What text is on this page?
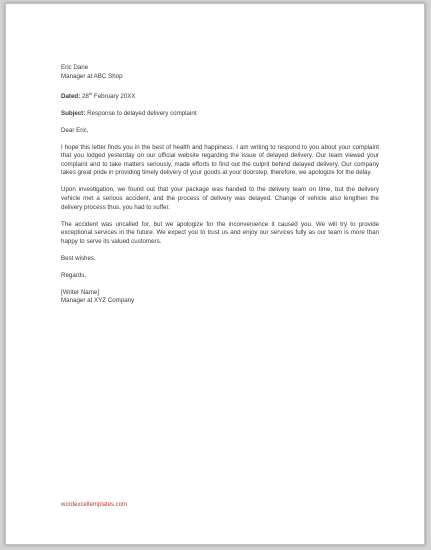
Eric Dane
Manager at ABC Shop

Dated: 28th February 20XX

Subject: Response to delayed delivery complaint

Dear Eric,

I hope this letter finds you in the best of health and happiness. I am writing to respond to you about your complaint that you lodged yesterday on our official website regarding the issue of delayed delivery. Our team viewed your complaint and to take matters seriously, made efforts to find out the culprit behind delayed delivery. Our company takes great pride in providing timely delivery of your goods at your doorstep, therefore, we apologize for the delay.

Upon investigation, we found out that your package was handed to the delivery team on time, but the delivery vehicle met a serious accident, and the process of delivery was delayed. Change of vehicle also lengthen the delivery process thus, you had to suffer.

The accident was uncalled for, but we apologize for the inconvenience it caused you. We will try to provide exceptional services in the future. We expect you to trust us and enjoy our services fully as our team is more than happy to serve its valued customers.

Best wishes.

Regards,

[Writer Name]
Manager at XYZ Company

wordexceltemplates.com
